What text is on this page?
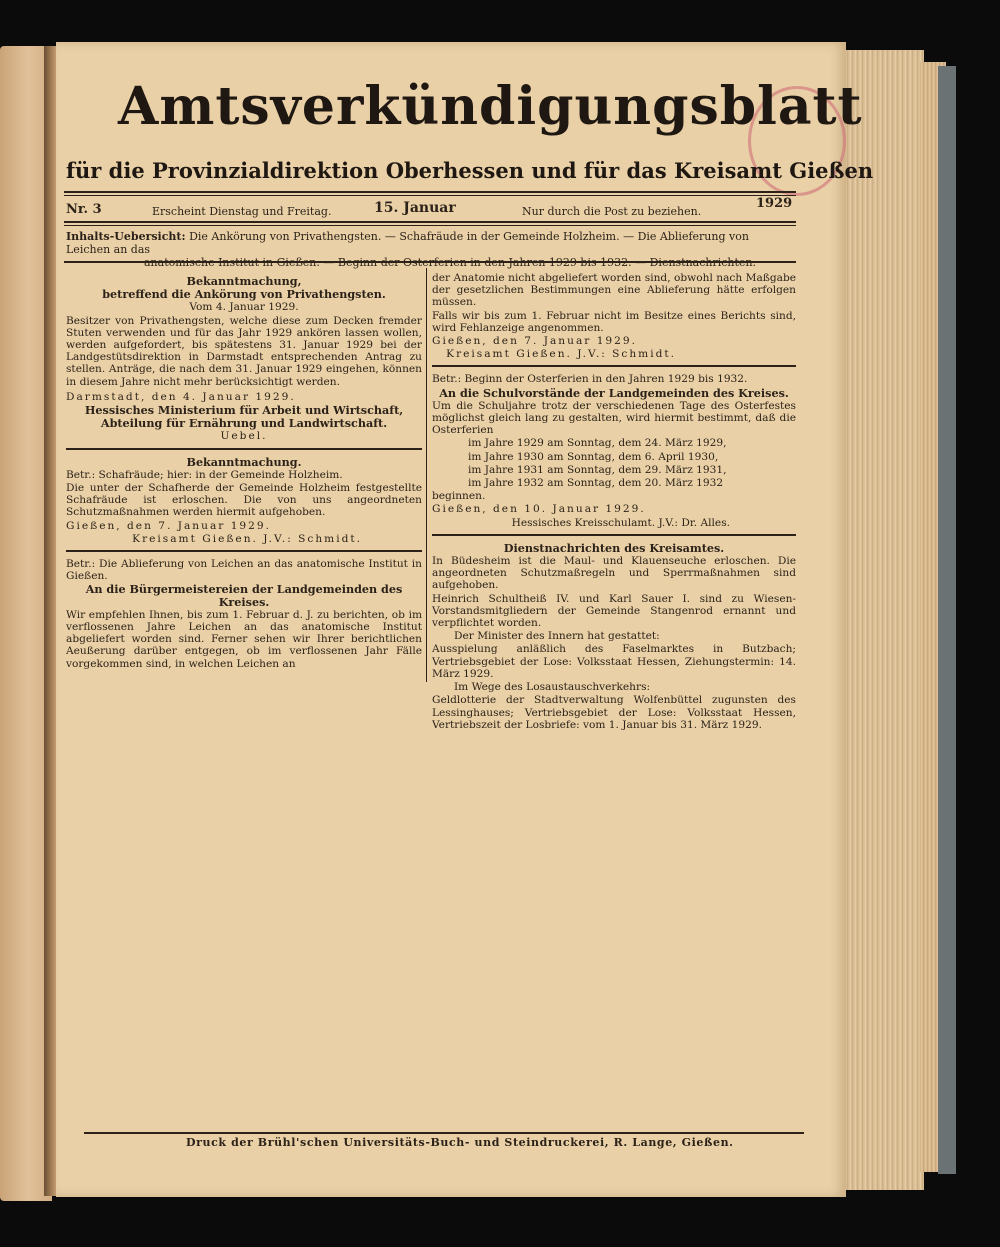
Amtsverkündigungsblatt
für die Provinzialdirektion Oberhessen und für das Kreisamt Gießen
Nr. 3	Erscheint Dienstag und Freitag.	15. Januar	Nur durch die Post zu beziehen.
1929
Inhalts-Uebersicht: Die Ankörung von Privathengsten. — Schafräude in der Gemeinde Holzheim. — Die Ablieferung von Leichen an das

Bekanntmachung,

betreffend die Ankörung von Privathengsten.

Vom 4. Januar 1929.

Besitzer von Privathengsten, welche diese zum Decken fremder Stuten verwenden und für das Jahr 1929 ankören lassen wollen, werden aufgefordert, bis spätestens 31. Januar 1929 bei der Landgestütsdirektion in Darmstadt entsprechenden Antrag zu stellen. Anträge, die nach dem 31. Januar 1929 eingehen, können in diesem Jahre nicht mehr berücksichtigt werden.

Darmstadt, den 4. Januar 1929.

Hessisches Ministerium für Arbeit und Wirtschaft,

Abteilung für Ernährung und Landwirtschaft.

Uebel.

Bekanntmachung.

Betr.: Schafräude; hier: in der Gemeinde Holzheim.

Die unter der Schafherde der Gemeinde Holzheim festgestellte Schafräude ist erloschen. Die von uns angeordneten Schutzmaßnahmen werden hiermit aufgehoben.

Gießen, den 7. Januar 1929.

Kreisamt Gießen. J.V.: Schmidt.

Betr.: Die Ablieferung von Leichen an das anatomische Institut in Gießen.

An die Bürgermeistereien der Landgemeinden des Kreises.

Wir empfehlen Ihnen, bis zum 1. Februar d. J. zu berichten, ob im verflossenen Jahre Leichen an das anatomische Institut abgeliefert worden sind. Ferner sehen wir Ihrer berichtlichen Aeußerung darüber entgegen, ob im verflossenen Jahr Fälle vorgekommen sind, in welchen Leichen an

der Anatomie nicht abgeliefert worden sind, obwohl nach Maßgabe der gesetzlichen Bestimmungen eine Ablieferung hätte erfolgen müssen.

Falls wir bis zum 1. Februar nicht im Besitze eines Berichts sind, wird Fehlanzeige angenommen.

Gießen, den 7. Januar 1929.

Kreisamt Gießen. J.V.: Schmidt.

Betr.: Beginn der Osterferien in den Jahren 1929 bis 1932.

An die Schulvorstände der Landgemeinden des Kreises.

Um die Schuljahre trotz der verschiedenen Tage des Osterfestes möglichst gleich lang zu gestalten, wird hiermit bestimmt, daß die Osterferien

im Jahre 1929 am Sonntag, dem 24. März 1929,

im Jahre 1930 am Sonntag, dem 6. April 1930,

im Jahre 1931 am Sonntag, dem 29. März 1931,

im Jahre 1932 am Sonntag, dem 20. März 1932

beginnen.

Gießen, den 10. Januar 1929.

Hessisches Kreisschulamt. J.V.: Dr. Alles.

Dienstnachrichten des Kreisamtes.

In Büdesheim ist die Maul- und Klauenseuche erloschen. Die angeordneten Schutzmaßregeln und Sperrmaßnahmen sind aufgehoben.

Heinrich Schultheiß IV. und Karl Sauer I. sind zu Wiesen-Vorstandsmitgliedern der Gemeinde Stangenrod ernannt und verpflichtet worden.

Der Minister des Innern hat gestattet:

Ausspielung anläßlich des Faselmarktes in Butzbach; Vertriebsgebiet der Lose: Volksstaat Hessen, Ziehungstermin: 14. März 1929.

Im Wege des Losaustauschverkehrs:

Geldlotterie der Stadtverwaltung Wolfenbüttel zugunsten des Lessinghauses; Vertriebsgebiet der Lose: Volksstaat Hessen, Vertriebszeit der Losbriefe: vom 1. Januar bis 31. März 1929.

Druck der Brühl'schen Universitäts-Buch- und Steindruckerei, R. Lange, Gießen.
